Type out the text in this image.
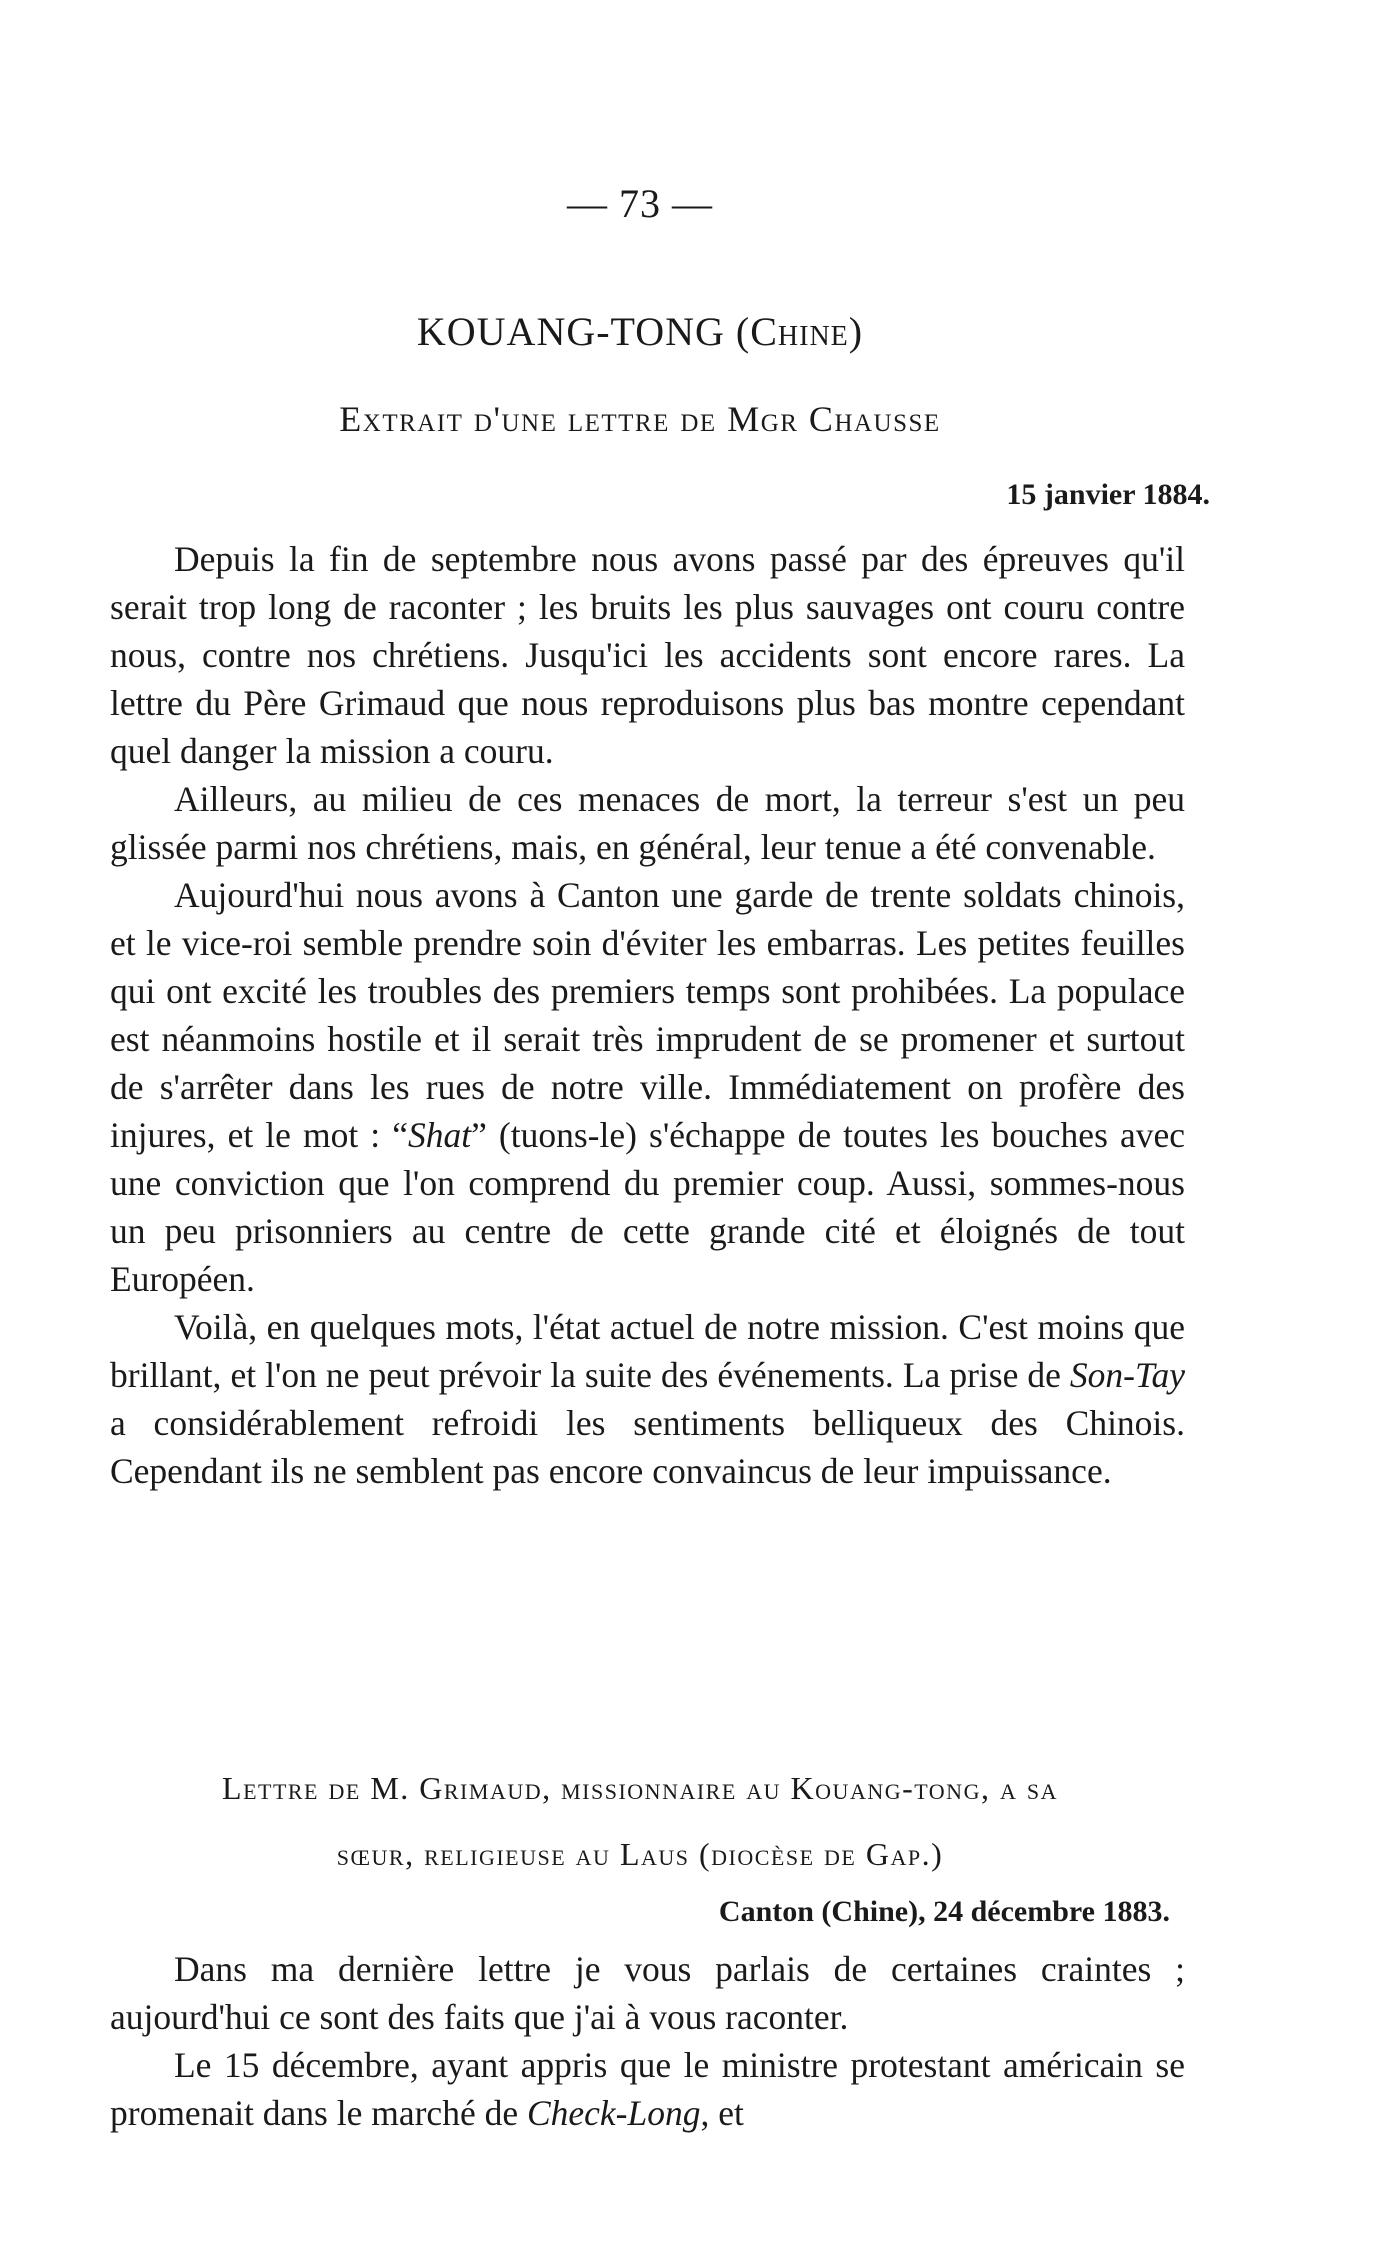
— 73 —
KOUANG-TONG (Chine)
Extrait d'une lettre de Mgr Chausse
15 janvier 1884.

Depuis la fin de septembre nous avons passé par des épreuves qu'il serait trop long de raconter ; les bruits les plus sauvages ont couru contre nous, contre nos chrétiens. Jusqu'ici les accidents sont encore rares. La lettre du Père Grimaud que nous reproduisons plus bas montre cependant quel danger la mission a couru.

Ailleurs, au milieu de ces menaces de mort, la terreur s'est un peu glissée parmi nos chrétiens, mais, en général, leur tenue a été convenable.

Aujourd'hui nous avons à Canton une garde de trente soldats chinois, et le vice-roi semble prendre soin d'éviter les embarras. Les petites feuilles qui ont excité les troubles des premiers temps sont prohibées. La populace est néanmoins hostile et il serait très imprudent de se promener et surtout de s'arrêter dans les rues de notre ville. Immédiatement on profère des injures, et le mot : “Shat” (tuons-le) s'échappe de toutes les bouches avec une conviction que l'on comprend du premier coup. Aussi, sommes-nous un peu prisonniers au centre de cette grande cité et éloignés de tout Européen.

Voilà, en quelques mots, l'état actuel de notre mission. C'est moins que brillant, et l'on ne peut prévoir la suite des événements. La prise de Son-Tay a considérablement refroidi les sentiments belliqueux des Chinois. Cependant ils ne semblent pas encore convaincus de leur impuissance.

Lettre de M. Grimaud, missionnaire au Kouang-tong, a sa
sœur, religieuse au Laus (diocèse de Gap.)
Canton (Chine), 24 décembre 1883.

Dans ma dernière lettre je vous parlais de certaines craintes ; aujourd'hui ce sont des faits que j'ai à vous raconter.

Le 15 décembre, ayant appris que le ministre protestant américain se promenait dans le marché de Check-Long, et
